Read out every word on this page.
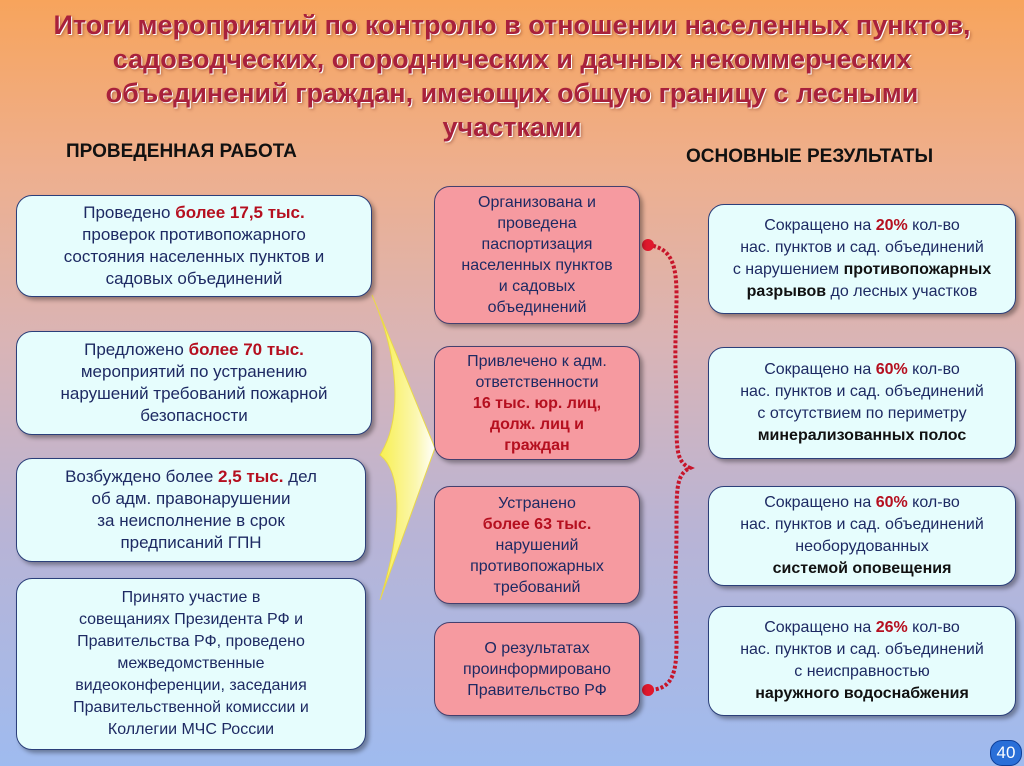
Итоги мероприятий по контролю в отношении населенных пунктов,
садоводческих, огороднических и дачных некоммерческих
объединений граждан, имеющих общую границу с лесными
участками
ПРОВЕДЕННАЯ РАБОТА	ОСНОВНЫЕ РЕЗУЛЬТАТЫ
Проведено более 17,5 тыс.
проверок противопожарного
состояния населенных пунктов и
садовых объединений
Предложено более 70 тыс.
мероприятий по устранению
нарушений требований пожарной
безопасности
Возбуждено более 2,5 тыс. дел
об адм. правонарушении
за неисполнение в срок
предписаний ГПН
Принято участие в
совещаниях Президента РФ и
Правительства РФ, проведено
межведомственные
видеоконференции, заседания
Правительственной комиссии и
Коллегии МЧС России
Организована и
проведена
паспортизация
населенных пунктов
и садовых
объединений
Привлечено к адм.
ответственности
16 тыс. юр. лиц,
долж. лиц и
граждан
Устранено
более 63 тыс.
нарушений
противопожарных
требований
О результатах
проинформировано
Правительство РФ
Сокращено на 20% кол-во
нас. пунктов и сад. объединений
с нарушением противопожарных
разрывов до лесных участков
Сокращено на 60% кол-во
нас. пунктов и сад. объединений
с отсутствием по периметру
минерализованных полос
Сокращено на 60% кол-во
нас. пунктов и сад. объединений
необорудованных
системой оповещения
Сокращено на 26% кол-во
нас. пунктов и сад. объединений
с неисправностью
наружного водоснабжения
40
